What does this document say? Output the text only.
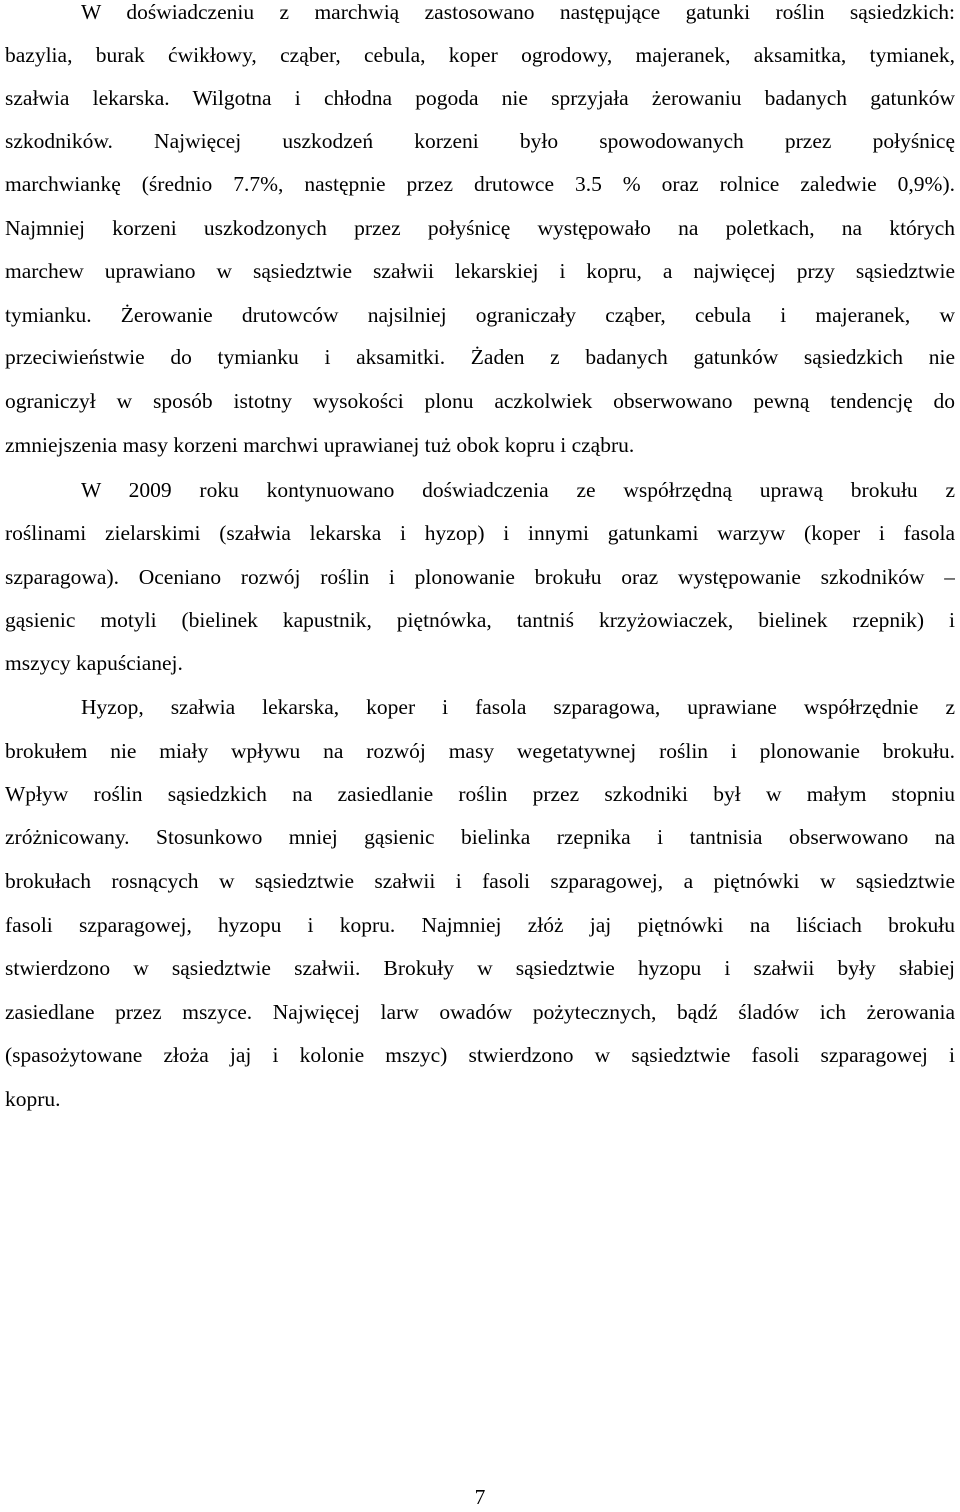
W doświadczeniu z marchwią zastosowano następujące gatunki roślin sąsiedzkich:
bazylia, burak ćwikłowy, cząber, cebula, koper ogrodowy, majeranek, aksamitka, tymianek,
szałwia lekarska. Wilgotna i chłodna pogoda nie sprzyjała żerowaniu badanych gatunków
szkodników. Najwięcej uszkodzeń korzeni było spowodowanych przez połyśnicę
marchwiankę (średnio 7.7%, następnie przez drutowce 3.5 % oraz rolnice zaledwie 0,9%).
Najmniej korzeni uszkodzonych przez połyśnicę występowało na poletkach, na których
marchew uprawiano w sąsiedztwie szałwii lekarskiej i kopru, a najwięcej przy sąsiedztwie
tymianku. Żerowanie drutowców najsilniej ograniczały cząber, cebula i majeranek, w
przeciwieństwie do tymianku i aksamitki. Żaden z badanych gatunków sąsiedzkich nie
ograniczył w sposób istotny wysokości plonu aczkolwiek obserwowano pewną tendencję do
zmniejszenia masy korzeni marchwi uprawianej tuż obok kopru i cząbru.
W 2009 roku kontynuowano doświadczenia ze współrzędną uprawą brokułu z
roślinami zielarskimi (szałwia lekarska i hyzop) i innymi gatunkami warzyw (koper i fasola
szparagowa). Oceniano rozwój roślin i plonowanie brokułu oraz występowanie szkodników –
gąsienic motyli (bielinek kapustnik, piętnówka, tantniś krzyżowiaczek, bielinek rzepnik) i
mszycy kapuścianej.
Hyzop, szałwia lekarska, koper i fasola szparagowa, uprawiane współrzędnie z
brokułem nie miały wpływu na rozwój masy wegetatywnej roślin i plonowanie brokułu.
Wpływ roślin sąsiedzkich na zasiedlanie roślin przez szkodniki był w małym stopniu
zróżnicowany. Stosunkowo mniej gąsienic bielinka rzepnika i tantnisia obserwowano na
brokułach rosnących w sąsiedztwie szałwii i fasoli szparagowej, a piętnówki w sąsiedztwie
fasoli szparagowej, hyzopu i kopru. Najmniej złóż jaj piętnówki na liściach brokułu
stwierdzono w sąsiedztwie szałwii. Brokuły w sąsiedztwie hyzopu i szałwii były słabiej
zasiedlane przez mszyce. Najwięcej larw owadów pożytecznych, bądź śladów ich żerowania
(spasożytowane złoża jaj i kolonie mszyc) stwierdzono w sąsiedztwie fasoli szparagowej i
kopru.
7
